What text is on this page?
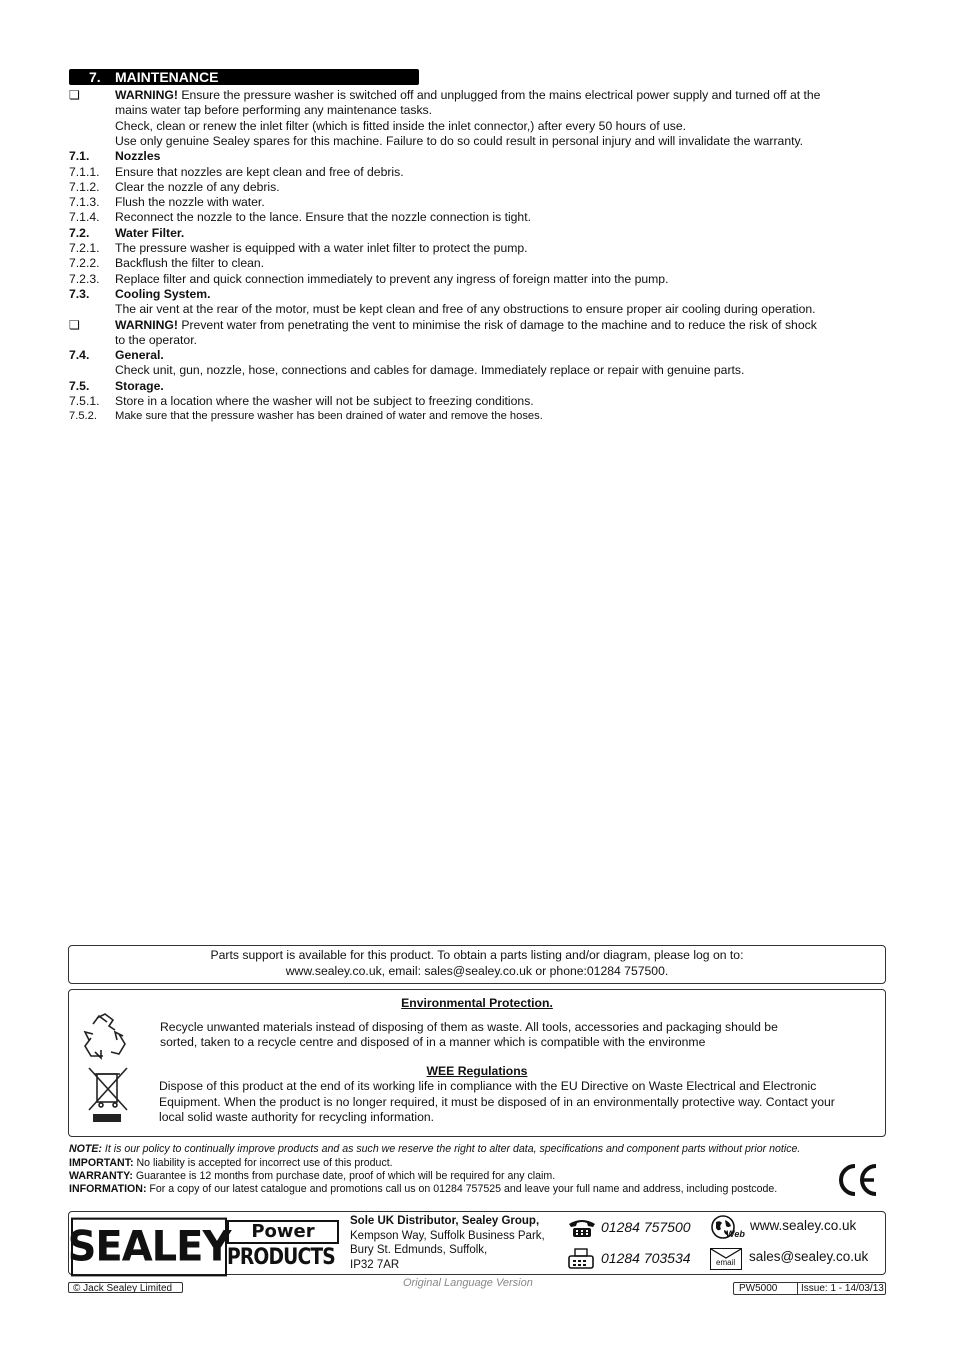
7. MAINTENANCE
❏	WARNING! Ensure the pressure washer is switched off and unplugged from the mains electrical power supply and turned off at the
mains water tap before performing any maintenance tasks.
Check, clean or renew the inlet filter (which is fitted inside the inlet connector,) after every 50 hours of use.
Use only genuine Sealey spares for this machine. Failure to do so could result in personal injury and will invalidate the warranty.
7.1. Nozzles
7.1.1. Ensure that nozzles are kept clean and free of debris.
7.1.2. Clear the nozzle of any debris.
7.1.3. Flush the nozzle with water.
7.1.4. Reconnect the nozzle to the lance. Ensure that the nozzle connection is tight.
7.2. Water Filter.
7.2.1. The pressure washer is equipped with a water inlet filter to protect the pump.
7.2.2. Backflush the filter to clean.
7.2.3. Replace filter and quick connection immediately to prevent any ingress of foreign matter into the pump.
7.3. Cooling System.
The air vent at the rear of the motor, must be kept clean and free of any obstructions to ensure proper air cooling during operation.
❏	WARNING! Prevent water from penetrating the vent to minimise the risk of damage to the machine and to reduce the risk of shock
to the operator.
7.4. General.
Check unit, gun, nozzle, hose, connections and cables for damage. Immediately replace or repair with genuine parts.
7.5. Storage.
7.5.1. Store in a location where the washer will not be subject to freezing conditions.
7.5.2. Make sure that the pressure washer has been drained of water and remove the hoses.
Parts support is available for this product. To obtain a parts listing and/or diagram, please log on to:
www.sealey.co.uk, email: sales@sealey.co.uk or phone:01284 757500.
Environmental Protection.
Recycle unwanted materials instead of disposing of them as waste. All tools, accessories and packaging should be
sorted, taken to a recycle centre and disposed of in a manner which is compatible with the environme
WEE Regulations
Dispose of this product at the end of its working life in compliance with the EU Directive on Waste Electrical and Electronic
Equipment. When the product is no longer required, it must be disposed of in an environmentally protective way. Contact your
local solid waste authority for recycling information.
NOTE: It is our policy to continually improve products and as such we reserve the right to alter data, specifications and component parts without prior notice.
IMPORTANT: No liability is accepted for incorrect use of this product.
WARRANTY: Guarantee is 12 months from purchase date, proof of which will be required for any claim.
INFORMATION: For a copy of our latest catalogue and promotions call us on 01284 757525 and leave your full name and address, including postcode.
SEALEY	Power
PRODUCTS
Sole UK Distributor, Sealey Group,
Kempson Way, Suffolk Business Park,
Bury St. Edmunds, Suffolk,
IP32 7AR
01284 757500
01284 703534
Web
www.sealey.co.uk
email sales@sealey.co.uk
© Jack Sealey Limited	Original Language Version	PW5000 Issue: 1 - 14/03/13
